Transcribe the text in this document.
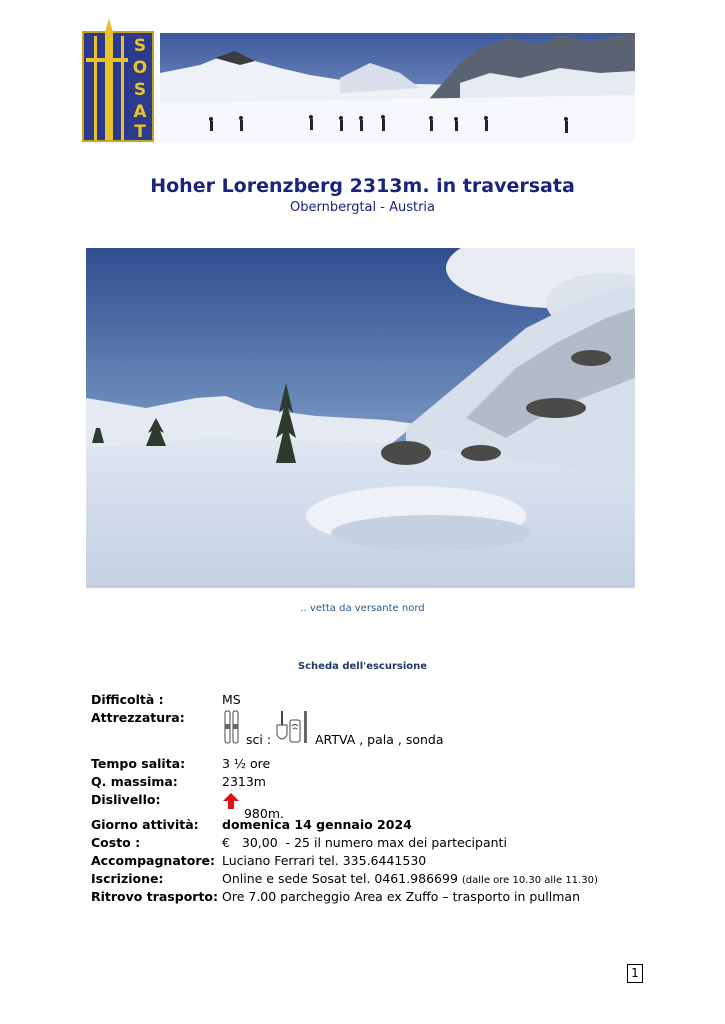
S
O
S
A
T
Hoher Lorenzberg 2313m. in traversata
Obernbergtal - Austria
.. vetta da versante nord
Scheda dell'escursione
Difficoltà :	MS
Attrezzatura:
sci :	ARTVA , pala , sonda
Tempo salita:	3 ½ ore
Q. massima:	2313m
Dislivello:
980m.
Giorno attività: domenica 14 gennaio 2024
Costo :	€   30,00  - 25 il numero max dei partecipanti
Accompagnatore: Luciano Ferrari tel. 335.6441530
Iscrizione:	Online e sede Sosat tel. 0461.986699 (dalle ore 10.30 alle 11.30)
Ritrovo trasporto: Ore 7.00 parcheggio Area ex Zuffo – trasporto in pullman
1
